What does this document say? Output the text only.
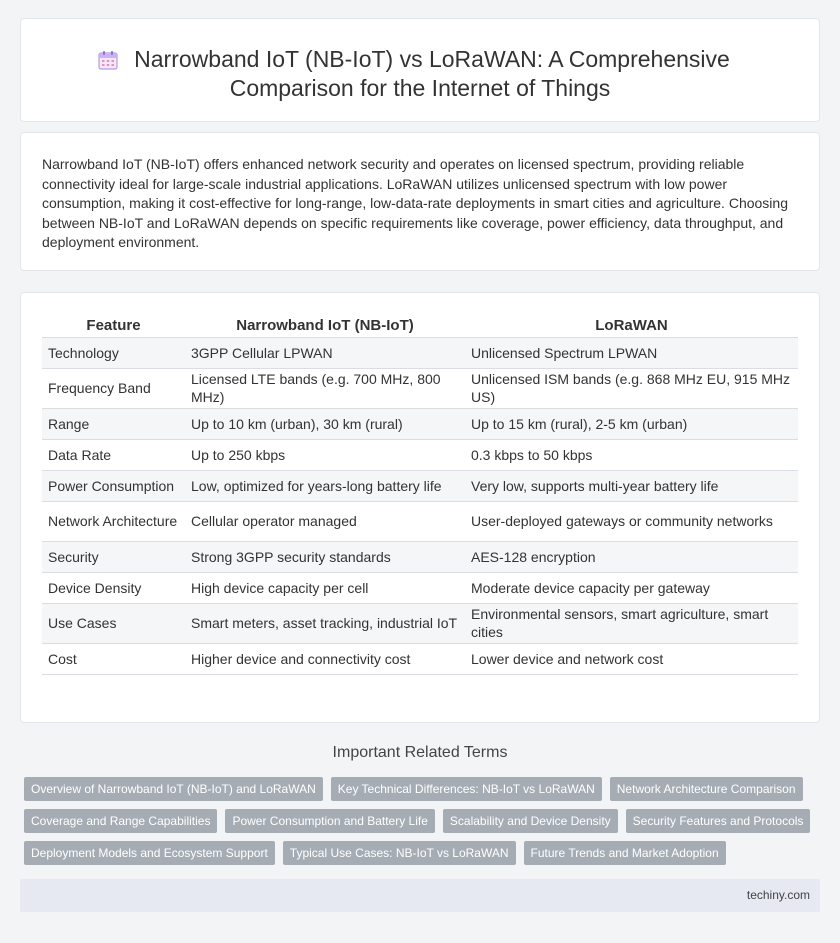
Narrowband IoT (NB-IoT) vs LoRaWAN: A Comprehensive
Comparison for the Internet of Things

Narrowband IoT (NB-IoT) offers enhanced network security and operates on licensed spectrum, providing reliable connectivity ideal for large-scale industrial applications. LoRaWAN utilizes unlicensed spectrum with low power consumption, making it cost-effective for long-range, low-data-rate deployments in smart cities and agriculture. Choosing between NB-IoT and LoRaWAN depends on specific requirements like coverage, power efficiency, data throughput, and deployment environment.

Feature	Narrowband IoT (NB-IoT)	LoRaWAN
Technology	3GPP Cellular LPWAN	Unlicensed Spectrum LPWAN
Frequency Band	Licensed LTE bands (e.g. 700 MHz, 800 MHz)	Unlicensed ISM bands (e.g. 868 MHz EU, 915 MHz US)
Range	Up to 10 km (urban), 30 km (rural)	Up to 15 km (rural), 2-5 km (urban)
Data Rate	Up to 250 kbps	0.3 kbps to 50 kbps
Power Consumption	Low, optimized for years-long battery life	Very low, supports multi-year battery life
Network Architecture	Cellular operator managed	User-deployed gateways or community networks
Security	Strong 3GPP security standards	AES-128 encryption
Device Density	High device capacity per cell	Moderate device capacity per gateway
Use Cases	Smart meters, asset tracking, industrial IoT	Environmental sensors, smart agriculture, smart cities
Cost	Higher device and connectivity cost	Lower device and network cost
Important Related Terms
Overview of Narrowband IoT (NB-IoT) and LoRaWAN	Key Technical Differences: NB-IoT vs LoRaWAN	Network Architecture Comparison
Coverage and Range Capabilities	Power Consumption and Battery Life	Scalability and Device Density	Security Features and Protocols
Deployment Models and Ecosystem Support	Typical Use Cases: NB-IoT vs LoRaWAN	Future Trends and Market Adoption
techiny.com
